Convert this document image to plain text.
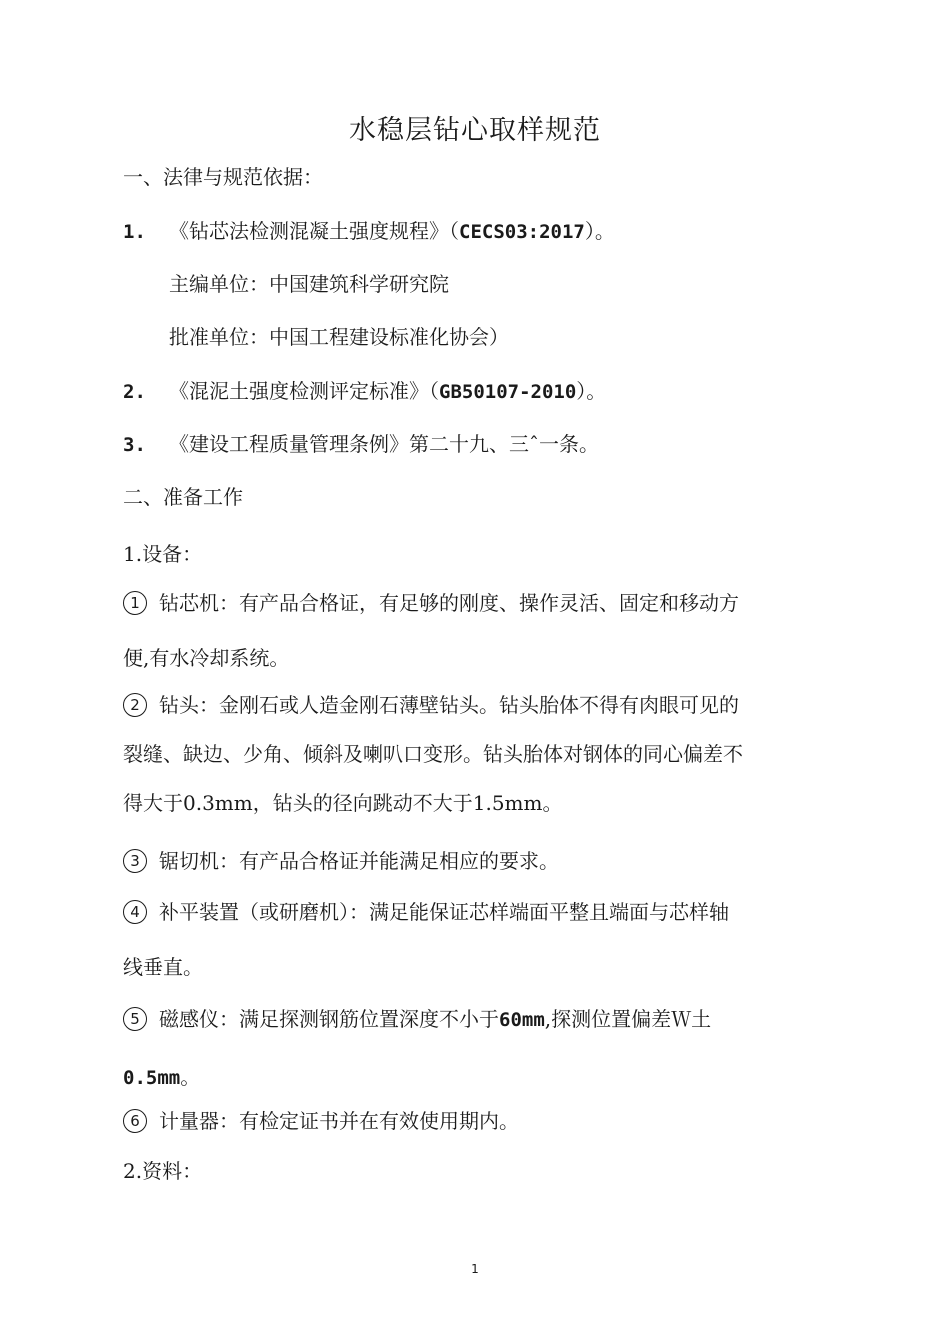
水稳层钻心取样规范
一、法律与规范依据：
1. 《钻芯法检测混凝土强度规程》（CECS03:2017）。
主编单位：中国建筑科学研究院
批准单位：中国工程建设标准化协会）
2. 《混泥土强度检测评定标准》（GB50107-2010）。
3. 《建设工程质量管理条例》第二十九、三ˆ一条。
二、准备工作
1.设备：
1 钻芯机：有产品合格证，有足够的刚度、操作灵活、固定和移动方
便,有水冷却系统。
2 钻头：金刚石或人造金刚石薄壁钻头。钻头胎体不得有肉眼可见的
裂缝、缺边、少角、倾斜及喇叭口变形。钻头胎体对钢体的同心偏差不
得大于0.3mm，钻头的径向跳动不大于1.5mm。
3 锯切机：有产品合格证并能满足相应的要求。
4 补平装置（或研磨机）：满足能保证芯样端面平整且端面与芯样轴
线垂直。
5 磁感仪：满足探测钢筋位置深度不小于60mm,探测位置偏差Ｗ土
0.5mm。
6 计量器：有检定证书并在有效使用期内。
2.资料：
1
